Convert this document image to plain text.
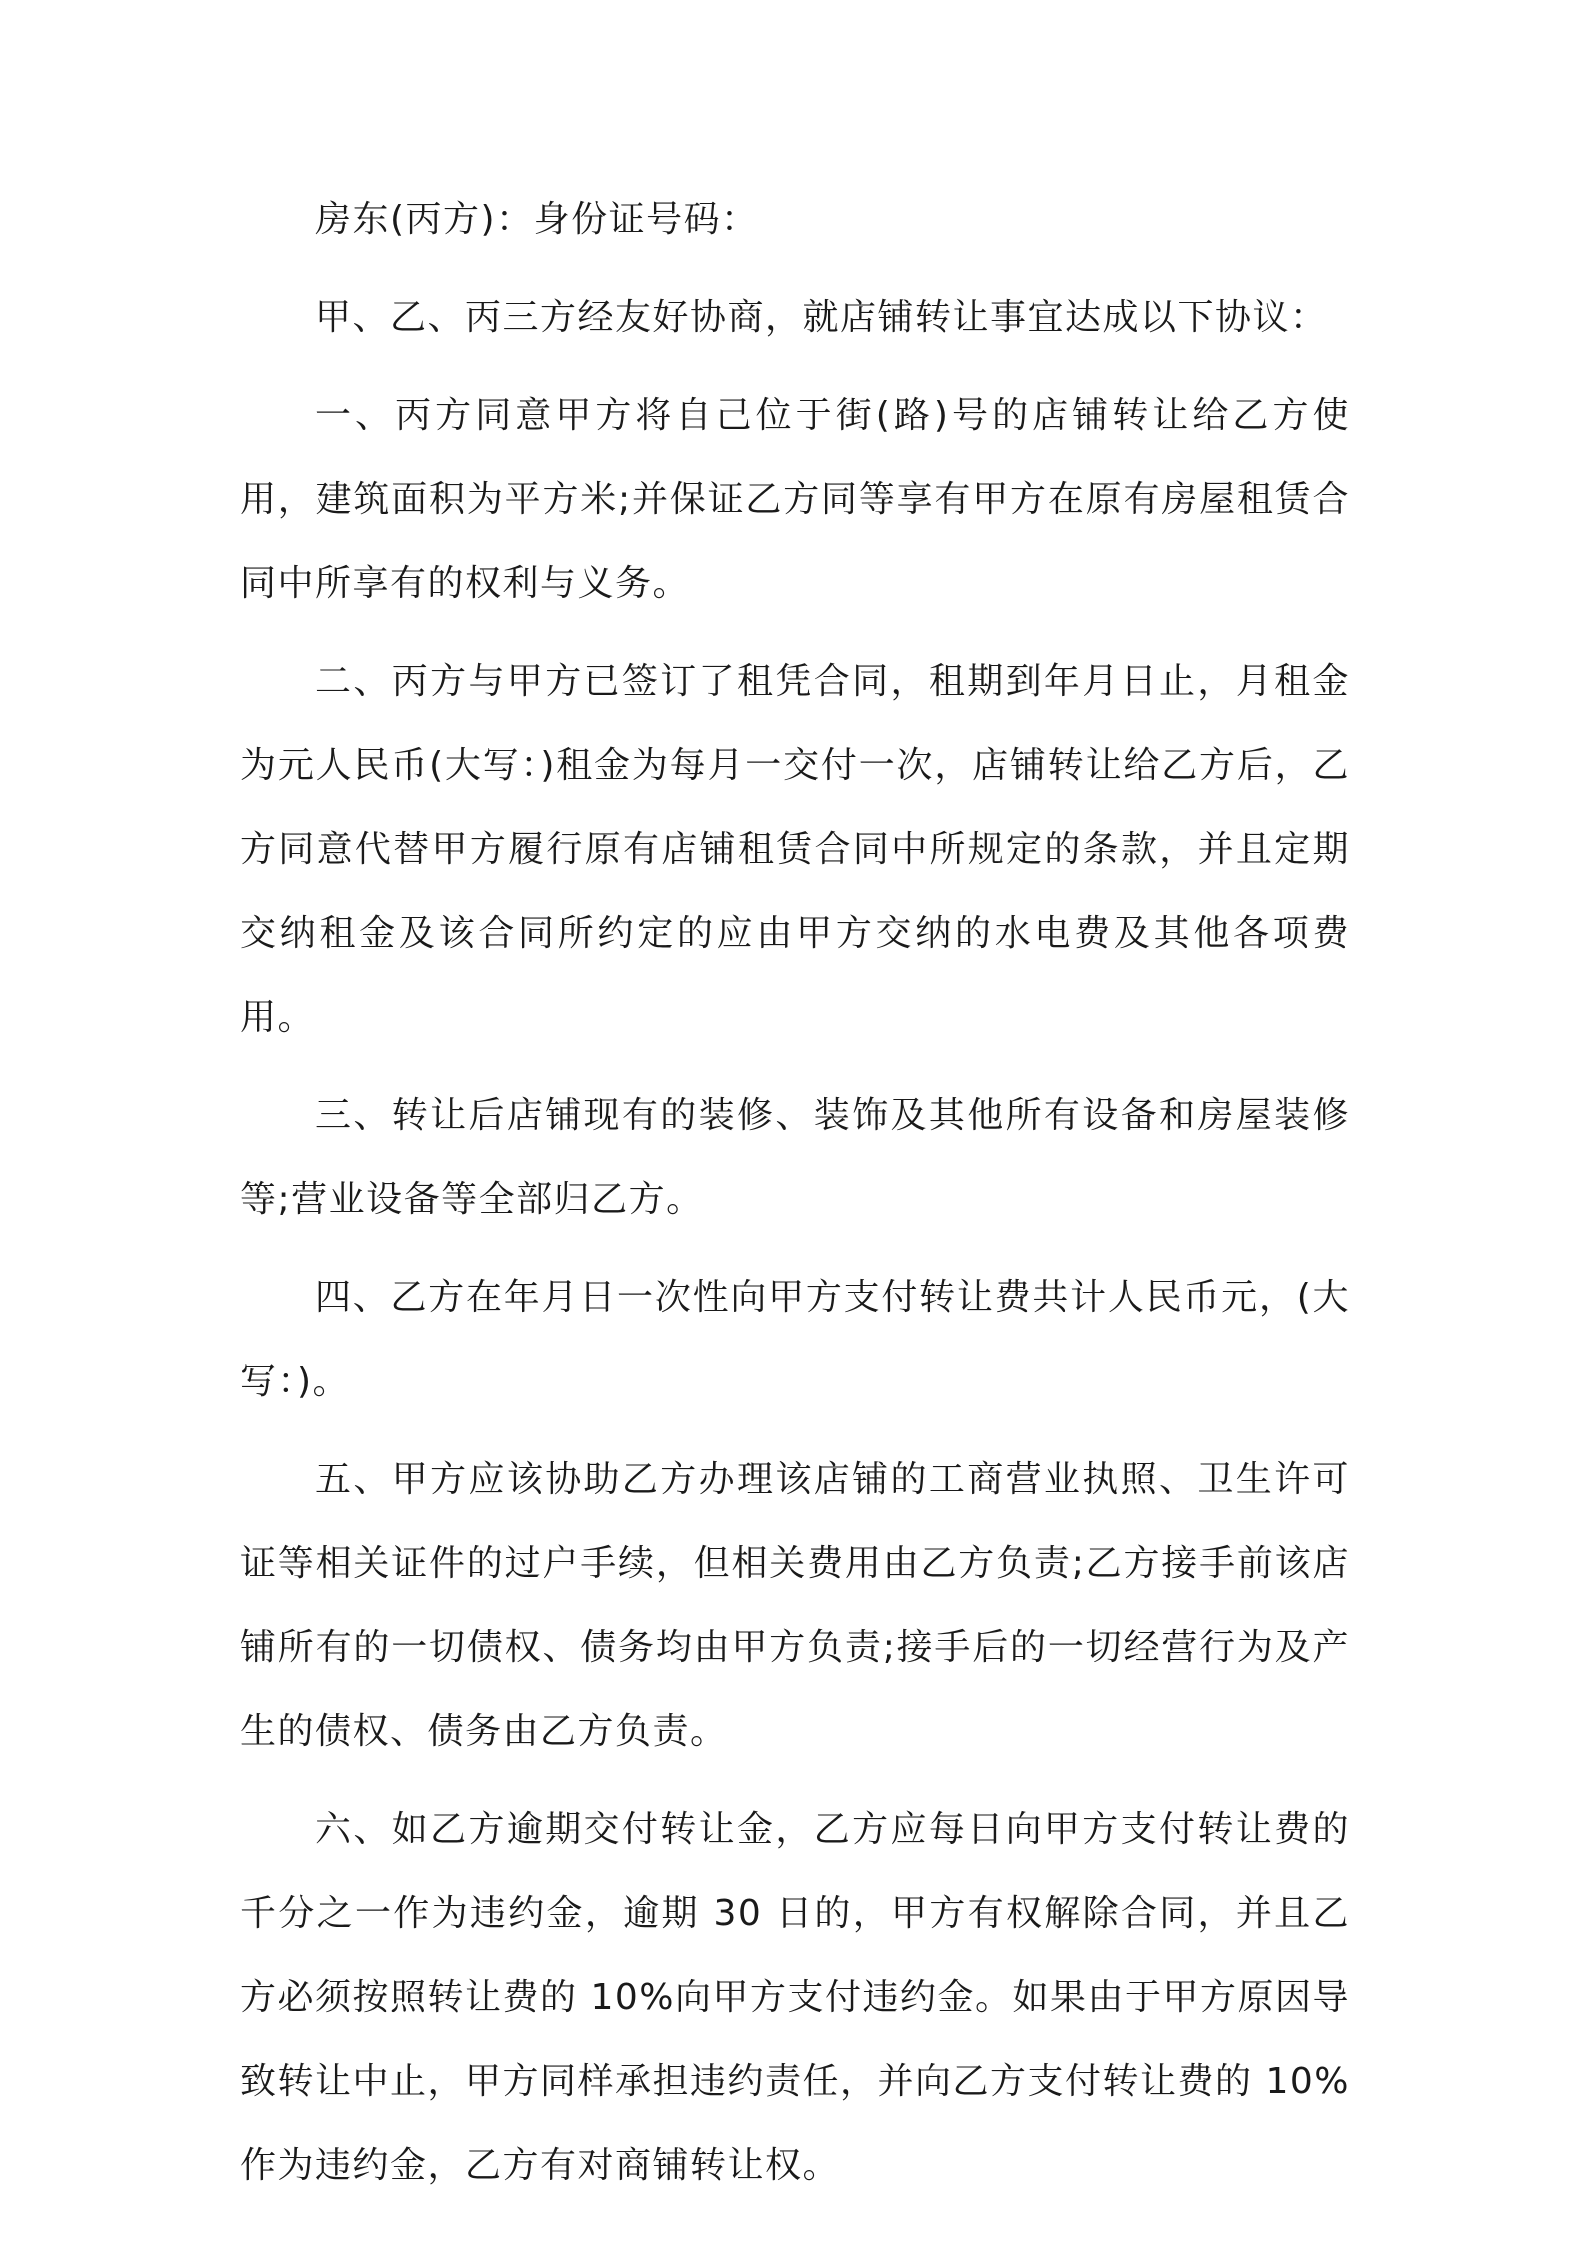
房东(丙方)：身份证号码：

甲、乙、丙三方经友好协商，就店铺转让事宜达成以下协议：

一、丙方同意甲方将自己位于街(路)号的店铺转让给乙方使用，建筑面积为平方米;并保证乙方同等享有甲方在原有房屋租赁合同中所享有的权利与义务。

二、丙方与甲方已签订了租凭合同，租期到年月日止，月租金为元人民币(大写：)租金为每月一交付一次，店铺转让给乙方后，乙方同意代替甲方履行原有店铺租赁合同中所规定的条款，并且定期交纳租金及该合同所约定的应由甲方交纳的水电费及其他各项费用。

三、转让后店铺现有的装修、装饰及其他所有设备和房屋装修等;营业设备等全部归乙方。

四、乙方在年月日一次性向甲方支付转让费共计人民币元，(大写：)。

五、甲方应该协助乙方办理该店铺的工商营业执照、卫生许可证等相关证件的过户手续，但相关费用由乙方负责;乙方接手前该店铺所有的一切债权、债务均由甲方负责;接手后的一切经营行为及产生的债权、债务由乙方负责。

六、如乙方逾期交付转让金，乙方应每日向甲方支付转让费的千分之一作为违约金，逾期 30 日的，甲方有权解除合同，并且乙方必须按照转让费的 10%向甲方支付违约金。如果由于甲方原因导致转让中止，甲方同样承担违约责任，并向乙方支付转让费的 10%作为违约金，乙方有对商铺转让权。
